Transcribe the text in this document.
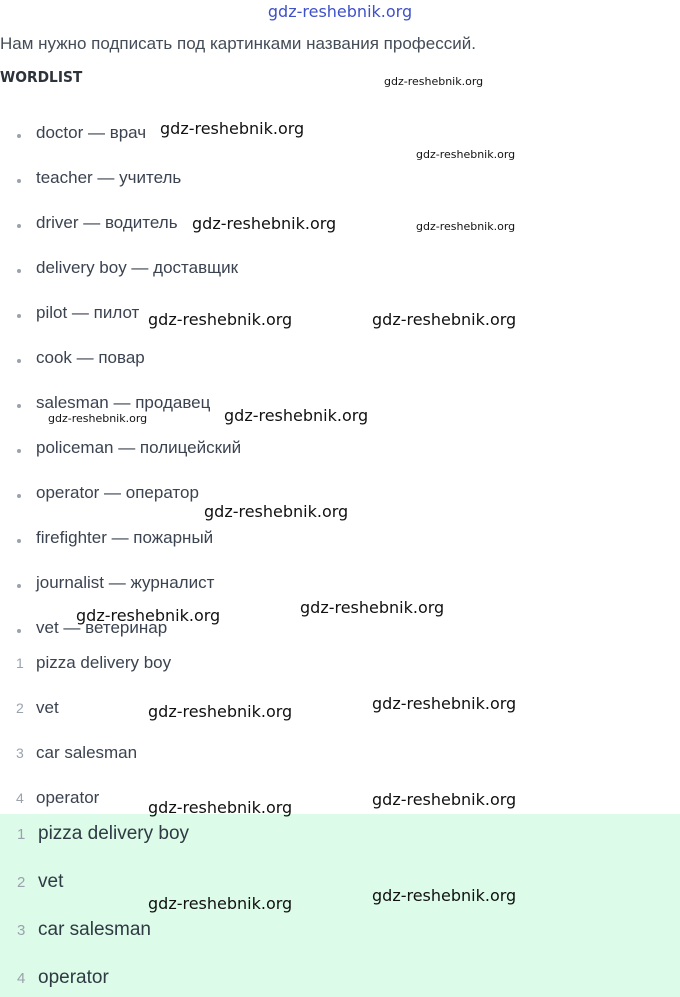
gdz-reshebnik.org
Нам нужно подписать под картинками названия профессий.
WORDLIST
doctor — врач
teacher — учитель
driver — водитель
delivery boy — доставщик
pilot — пилот
cook — повар
salesman — продавец
policeman — полицейский
operator — оператор
firefighter — пожарный
journalist — журналист
vet — ветеринар
1 pizza delivery boy
2 vet
3 car salesman
4 operator
1 pizza delivery boy
2 vet
3 car salesman
4 operator
gdz-reshebnik.org
gdz-reshebnik.org
gdz-reshebnik.org
gdz-reshebnik.org	gdz-reshebnik.org
gdz-reshebnik.org	gdz-reshebnik.org
gdz-reshebnik.org	gdz-reshebnik.org
gdz-reshebnik.org
gdz-reshebnik.org
gdz-reshebnik.org
gdz-reshebnik.org
gdz-reshebnik.org
gdz-reshebnik.org
gdz-reshebnik.org
gdz-reshebnik.org
gdz-reshebnik.org
